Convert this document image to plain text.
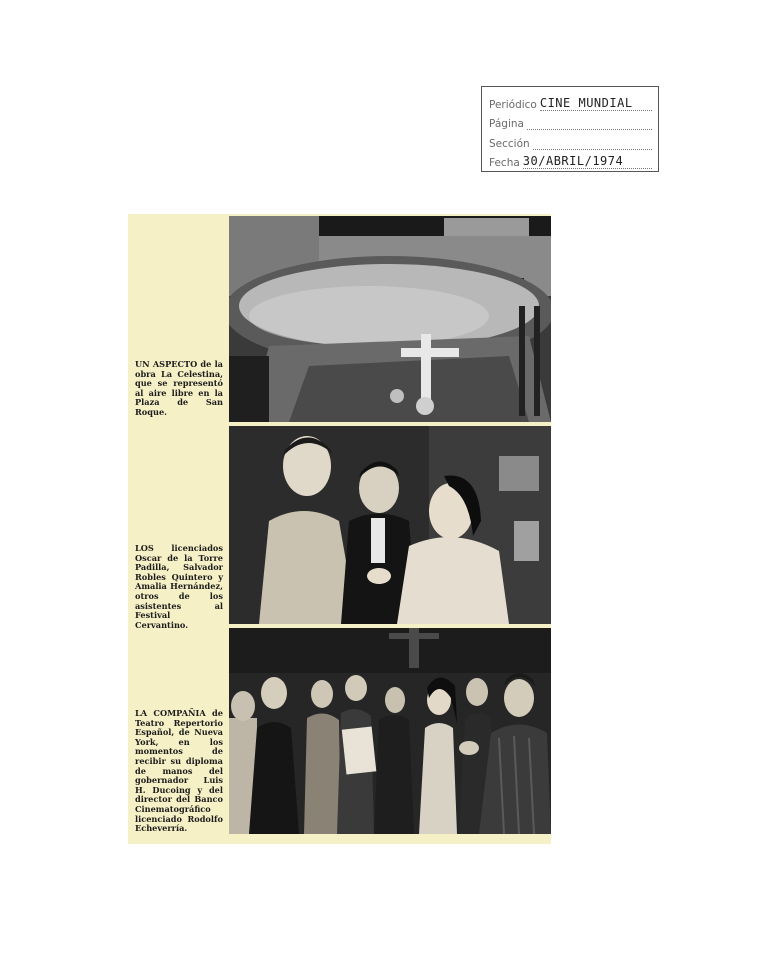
Periódico CINE MUNDIAL
Página
Sección
Fecha 30/ABRIL/1974
UN ASPECTO de la obra La Celestina, que se representó al aire libre en la Plaza de San Roque.
LOS licenciados Oscar de la Torre Padilla, Salvador Robles Quintero y Amalia Hernández, otros de los asistentes al Festival Cervantino.
LA COMPAÑIA de Teatro Repertorio Español, de Nueva York, en los momentos de recibir su diploma de manos del gobernador Luis H. Ducoing y del director del Banco Cinematográfico licenciado Rodolfo Echeverría.
